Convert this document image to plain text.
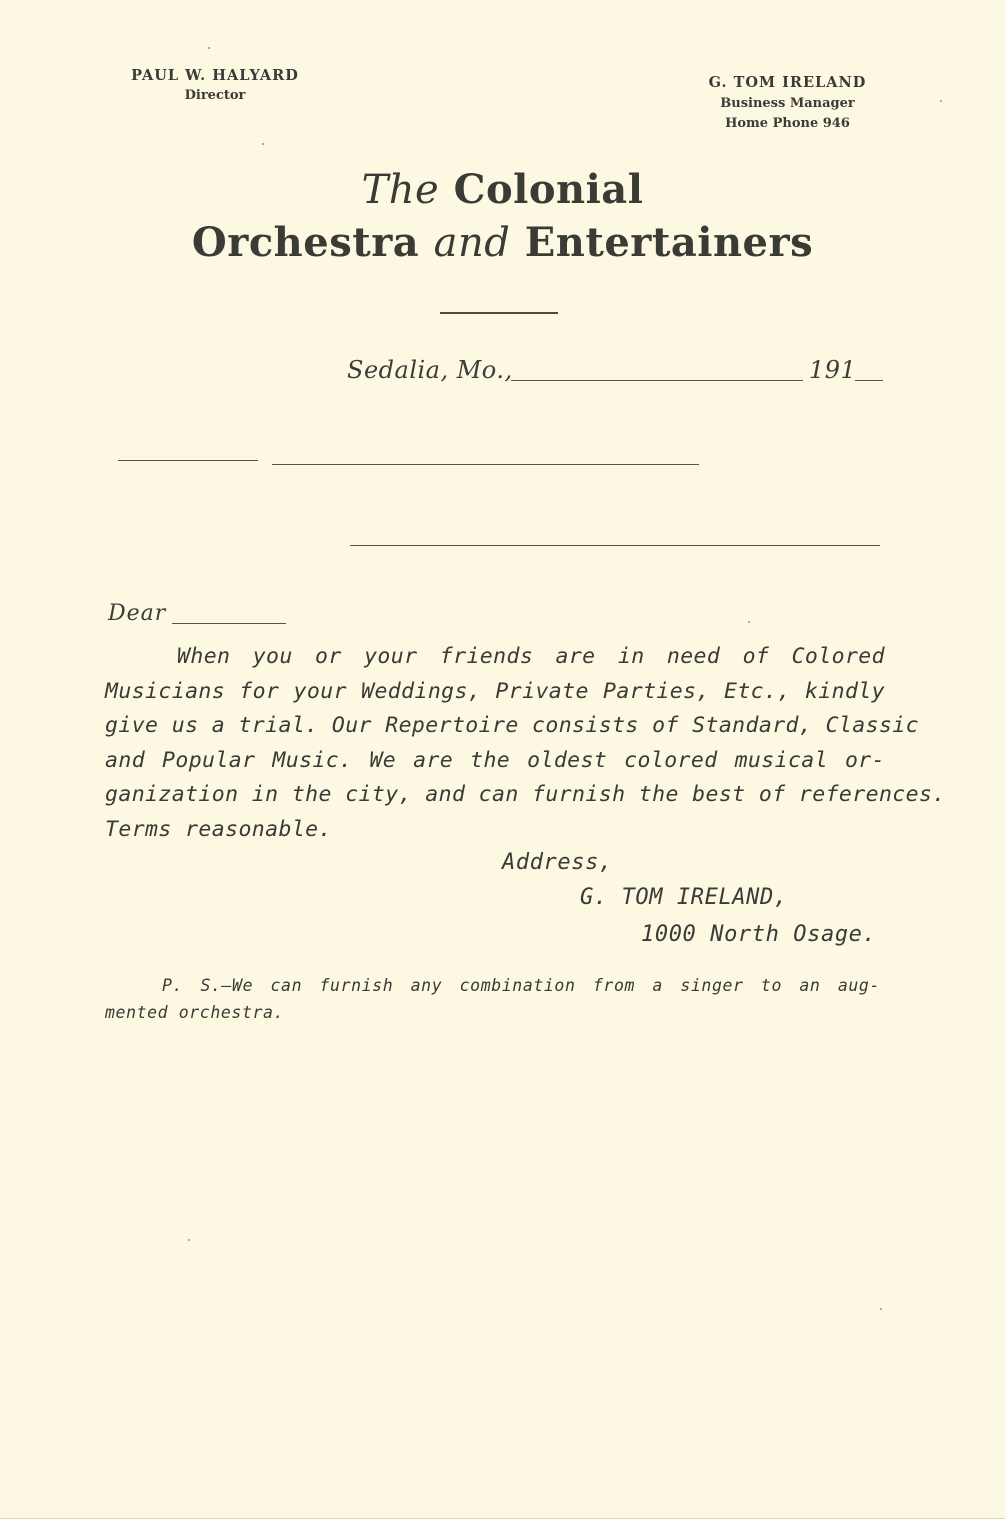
PAUL W. HALYARD
Director
G. TOM IRELAND
Business Manager
Home Phone 946
The Colonial
Orchestra and Entertainers
Sedalia, Mo.,	191
Dear
When you or your friends are in need of Colored
Musicians for your Weddings, Private Parties, Etc., kindly
give us a trial. Our Repertoire consists of Standard, Classic
and Popular Music. We are the oldest colored musical or-
ganization in the city, and can furnish the best of references.
Terms reasonable.
Address,
G. TOM IRELAND,
1000 North Osage.
P. S.—We can furnish any combination from a singer to an aug-
mented orchestra.
